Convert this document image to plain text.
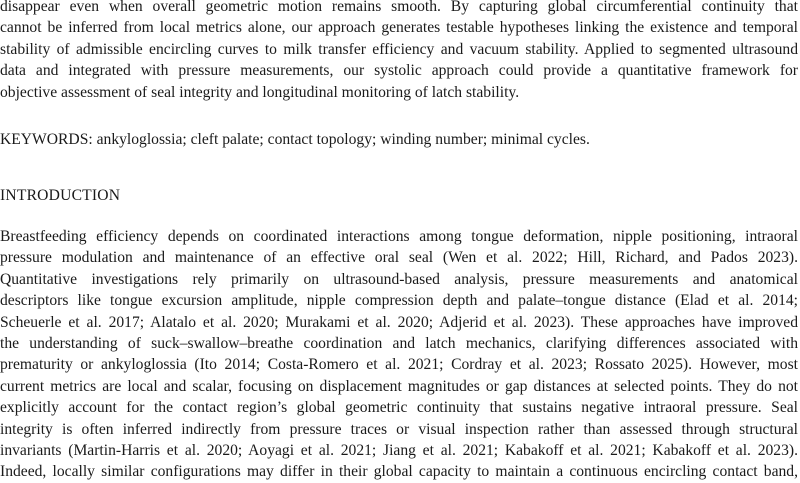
disappear even when overall geometric motion remains smooth. By capturing global circumferential continuity that
cannot be inferred from local metrics alone, our approach generates testable hypotheses linking the existence and temporal
stability of admissible encircling curves to milk transfer efficiency and vacuum stability. Applied to segmented ultrasound
data and integrated with pressure measurements, our systolic approach could provide a quantitative framework for
objective assessment of seal integrity and longitudinal monitoring of latch stability.

KEYWORDS: ankyloglossia; cleft palate; contact topology; winding number; minimal cycles.

INTRODUCTION

Breastfeeding efficiency depends on coordinated interactions among tongue deformation, nipple positioning, intraoral
pressure modulation and maintenance of an effective oral seal (Wen et al. 2022; Hill, Richard, and Pados 2023).
Quantitative investigations rely primarily on ultrasound-based analysis, pressure measurements and anatomical
descriptors like tongue excursion amplitude, nipple compression depth and palate–tongue distance (Elad et al. 2014;
Scheuerle et al. 2017; Alatalo et al. 2020; Murakami et al. 2020; Adjerid et al. 2023). These approaches have improved
the understanding of suck–swallow–breathe coordination and latch mechanics, clarifying differences associated with
prematurity or ankyloglossia (Ito 2014; Costa-Romero et al. 2021; Cordray et al. 2023; Rossato 2025). However, most
current metrics are local and scalar, focusing on displacement magnitudes or gap distances at selected points. They do not
explicitly account for the contact region’s global geometric continuity that sustains negative intraoral pressure. Seal
integrity is often inferred indirectly from pressure traces or visual inspection rather than assessed through structural
invariants (Martin-Harris et al. 2020; Aoyagi et al. 2021; Jiang et al. 2021; Kabakoff et al. 2021; Kabakoff et al. 2023).
Indeed, locally similar configurations may differ in their global capacity to maintain a continuous encircling contact band,
